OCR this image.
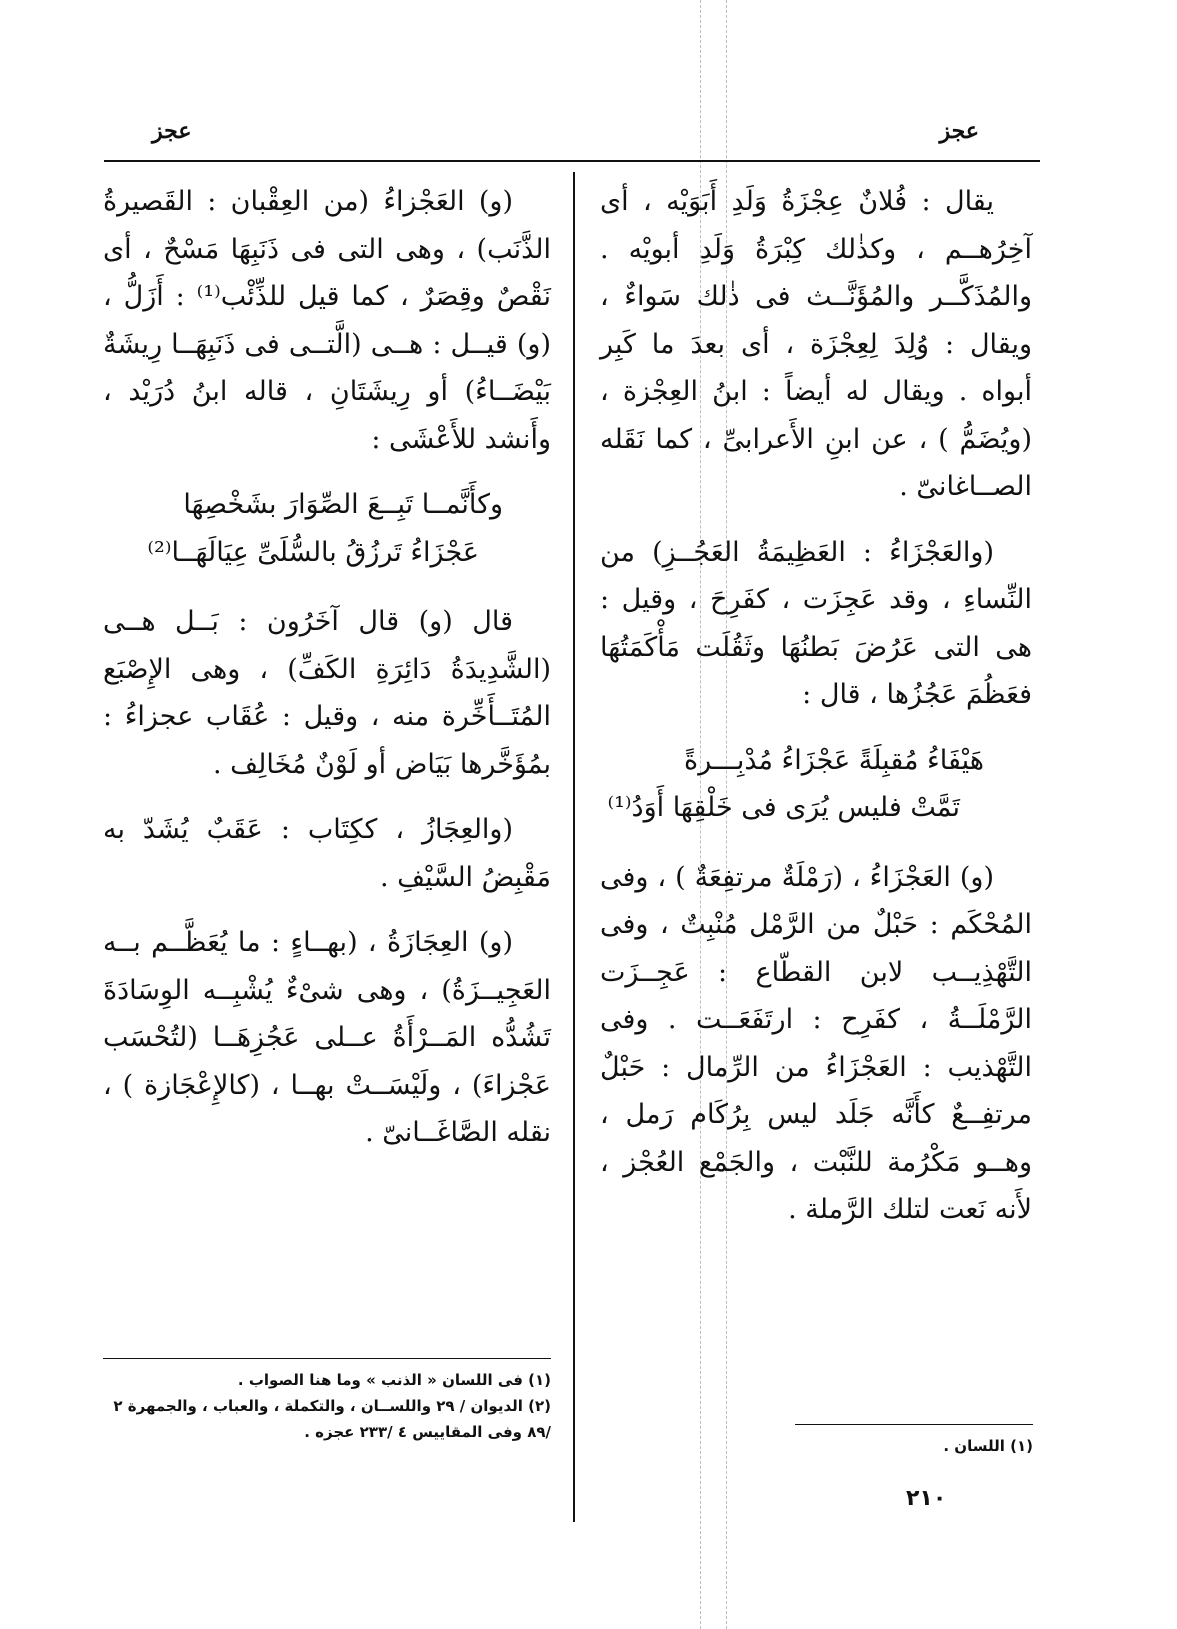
عجز
عجز

يقال : فُلانٌ عِجْزَةُ وَلَدِ أَبَوَيْه ، أى آخِرُهــم ، وكذٰلك كِبْرَةُ وَلَدِ أبويْه . والمُذَكَّــر والمُؤَنَّــث فى ذٰلك سَواءٌ ، ويقال : وُلِدَ لِعِجْزَة ، أى بعدَ ما كَبِر أبواه . ويقال له أيضاً : ابنُ العِجْزة ، (ويُضَمُّ ) ، عن ابنِ الأَعرابىِّ ، كما نَقَله الصــاغانىّ .

(والعَجْزَاءُ : العَظِيمَةُ العَجُــزِ) من النِّساءِ ، وقد عَجِزَت ، كفَرِحَ ، وقيل : هى التى عَرُضَ بَطنُهَا وثَقُلَت مَأْكَمَتُهَا فعَظُمَ عَجُزُها ، قال :

هَيْفَاءُ مُقبِلَةً عَجْزَاءُ مُدْبِـــرةً
تَمَّتْ فليس يُرَى فى خَلْقِهَا أَوَدُ⁽¹⁾

(و) العَجْزَاءُ ، (رَمْلَةٌ مرتفِعَةٌ ) ، وفى المُحْكَم : حَبْلٌ من الرَّمْل مُنْبِتٌ ، وفى التَّهْذِيــب لابن القطّاع : عَجِــزَت الرَّمْلَــةُ ، كفَرِح : ارتَفَعَــت . وفى التَّهْذيب : العَجْزَاءُ من الرِّمال : حَبْلٌ مرتفِــعٌ كأَنَّه جَلَد ليس بِرُكَام رَمل ، وهــو مَكْرُمة للنَّبْت ، والجَمْع العُجْز ، لأَنه نَعت لتلك الرَّملة .

(و) العَجْزاءُ (من العِقْبان : القَصيرةُ الذَّنَب) ، وهى التى فى ذَنَبِهَا مَسْحٌ ، أى نَقْصٌ وقِصَرٌ ، كما قيل للذِّئْب⁽¹⁾ : أَزَلُّ ، (و) قيــل : هــى (الَّتــى فى ذَنَبِهَــا رِيشَةٌ بَيْضَــاءُ) أو رِيشَتَانِ ، قاله ابنُ دُرَيْد ، وأَنشد للأَعْشَى :

وكأَنَّمــا تَبِــعَ الصِّوَارَ بشَخْصِهَا
عَجْزَاءُ تَرزُقُ بالسُّلَىِّ عِيَالَهَــا⁽²⁾

قال (و) قال آخَرُون : بَــل هــى (الشَّدِيدَةُ دَائِرَةِ الكَفِّ) ، وهى الإِصْبَع المُتَــأَخِّرة منه ، وقيل : عُقَاب عجزاءُ : بمُؤَخَّرها بَيَاض أو لَوْنٌ مُخَالِف .

(والعِجَازُ ، ككِتَاب : عَقَبٌ يُشَدّ به مَقْبِضُ السَّيْفِ .

(و) العِجَازَةُ ، (بهــاءٍ : ما يُعَظَّــم بــه العَجِيــزَةُ) ، وهى شىْءٌ يُشْبِــه الوِسَادَةَ تَشُدُّه المَــرْأَةُ عــلى عَجُزِهَــا (لتُحْسَب عَجْزاءَ) ، ولَيْسَــتْ بهــا ، (كالإِعْجَازة ) ، نقله الصَّاغَــانىّ .

(١) فى اللسان « الذنب » وما هنا الصواب .
(٢) الديوان / ٢٩ واللســان ، والتكملة ، والعباب ، والجمهرة ٢ /٨٩ وفى المقاييس ٤ /٢٣٣ عجزه .
(١) اللسان .
٢١٠
